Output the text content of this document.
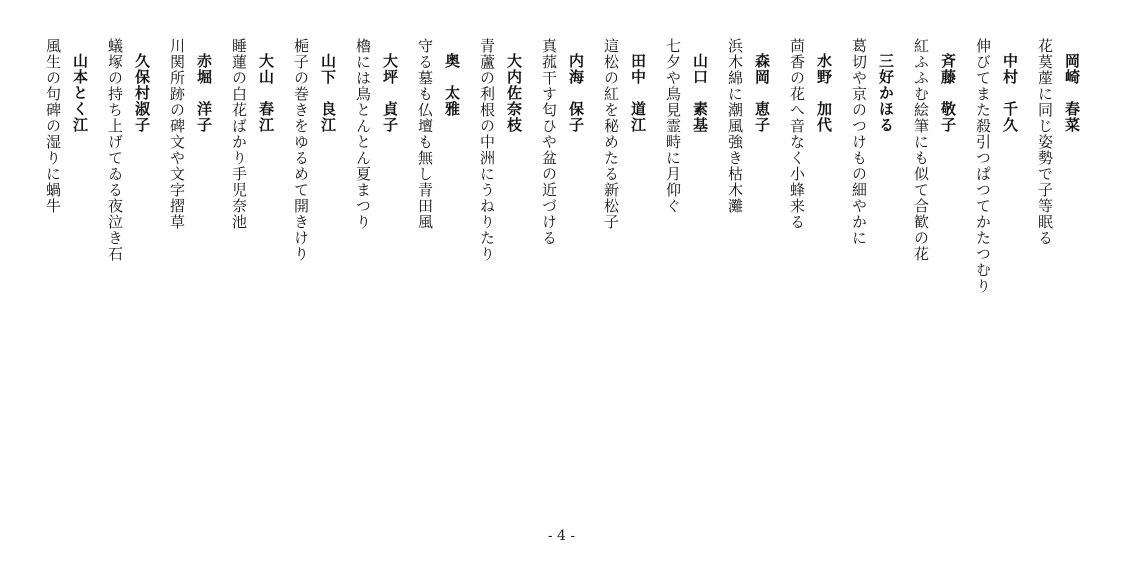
岡崎　春菜
花茣蓙に同じ姿勢で子等眠る
中村　千久
伸びてまた殺引つぱつてかたつむり
斉藤　敬子
紅ふふむ絵筆にも似て合歓の花
三好かほる
葛切や京のつけもの細やかに
水野　加代
茴香の花へ音なく小蜂来る
森岡　恵子
浜木綿に潮風強き枯木灘
山口　素基
七夕や鳥見霊畤に月仰ぐ
田中　道江
這松の紅を秘めたる新松子
内海　保子
真菰干す匂ひや盆の近づける
大内佐奈枝
青蘆の利根の中洲にうねりたり
奥　太雅
守る墓も仏壇も無し青田風
大坪　貞子
櫓には鳥とんとん夏まつり
山下　良江
梔子の巻きをゆるめて開きけり
大山　春江
睡蓮の白花ばかり手児奈池
赤堀　洋子
川関所跡の碑文や文字摺草
久保村淑子
蟻塚の持ち上げてゐる夜泣き石
山本とく江
風生の句碑の湿りに蝸牛
- 4 -
